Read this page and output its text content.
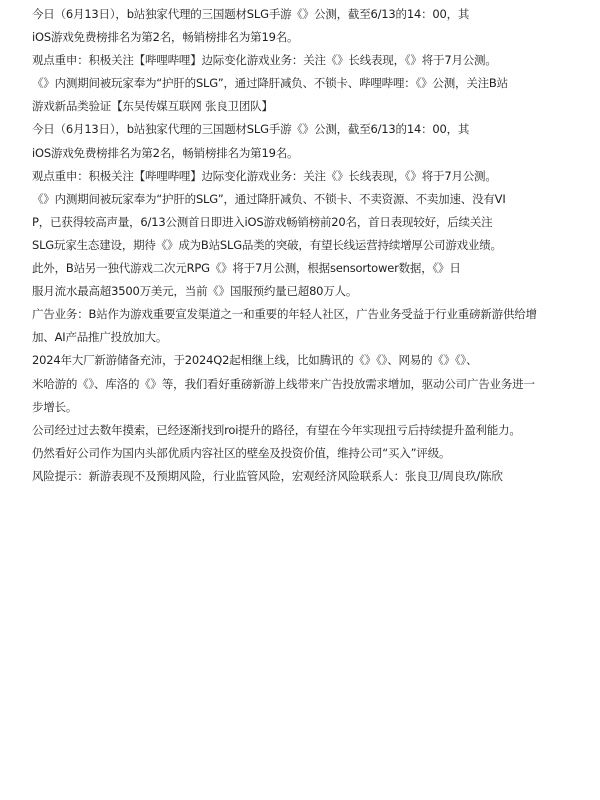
今日（6月13日），b站独家代理的三国题材SLG手游《》公测，截至6/13的14：00，其
iOS游戏免费榜排名为第2名，畅销榜排名为第19名。
观点重申：积极关注【哔哩哔哩】边际变化游戏业务：关注《》长线表现，《》将于7月公测。
《》内测期间被玩家奉为“护肝的SLG”，通过降肝减负、不锁卡、哔哩哔哩：《》公测，关注B站
游戏新品类验证【东吴传媒互联网 张良卫团队】
今日（6月13日），b站独家代理的三国题材SLG手游《》公测，截至6/13的14：00，其
iOS游戏免费榜排名为第2名，畅销榜排名为第19名。
观点重申：积极关注【哔哩哔哩】边际变化游戏业务：关注《》长线表现，《》将于7月公测。
《》内测期间被玩家奉为“护肝的SLG”，通过降肝减负、不锁卡、不卖资源、不卖加速、没有VI
P，已获得较高声量，6/13公测首日即进入iOS游戏畅销榜前20名，首日表现较好，后续关注
SLG玩家生态建设，期待《》成为B站SLG品类的突破，有望长线运营持续增厚公司游戏业绩。
此外，B站另一独代游戏二次元RPG《》将于7月公测，根据sensortower数据，《》日
服月流水最高超3500万美元，当前《》国服预约量已超80万人。
广告业务：B站作为游戏重要宣发渠道之一和重要的年轻人社区，广告业务受益于行业重磅新游供给增
加、AI产品推广投放加大。
2024年大厂新游储备充沛，于2024Q2起相继上线，比如腾讯的《》《》、网易的《》《》、
米哈游的《》、库洛的《》等，我们看好重磅新游上线带来广告投放需求增加，驱动公司广告业务进一
步增长。
公司经过过去数年摸索，已经逐渐找到roi提升的路径，有望在今年实现扭亏后持续提升盈利能力。
仍然看好公司作为国内头部优质内容社区的壁垒及投资价值，维持公司“买入”评级。
风险提示：新游表现不及预期风险，行业监管风险，宏观经济风险联系人：张良卫/周良玖/陈欣
